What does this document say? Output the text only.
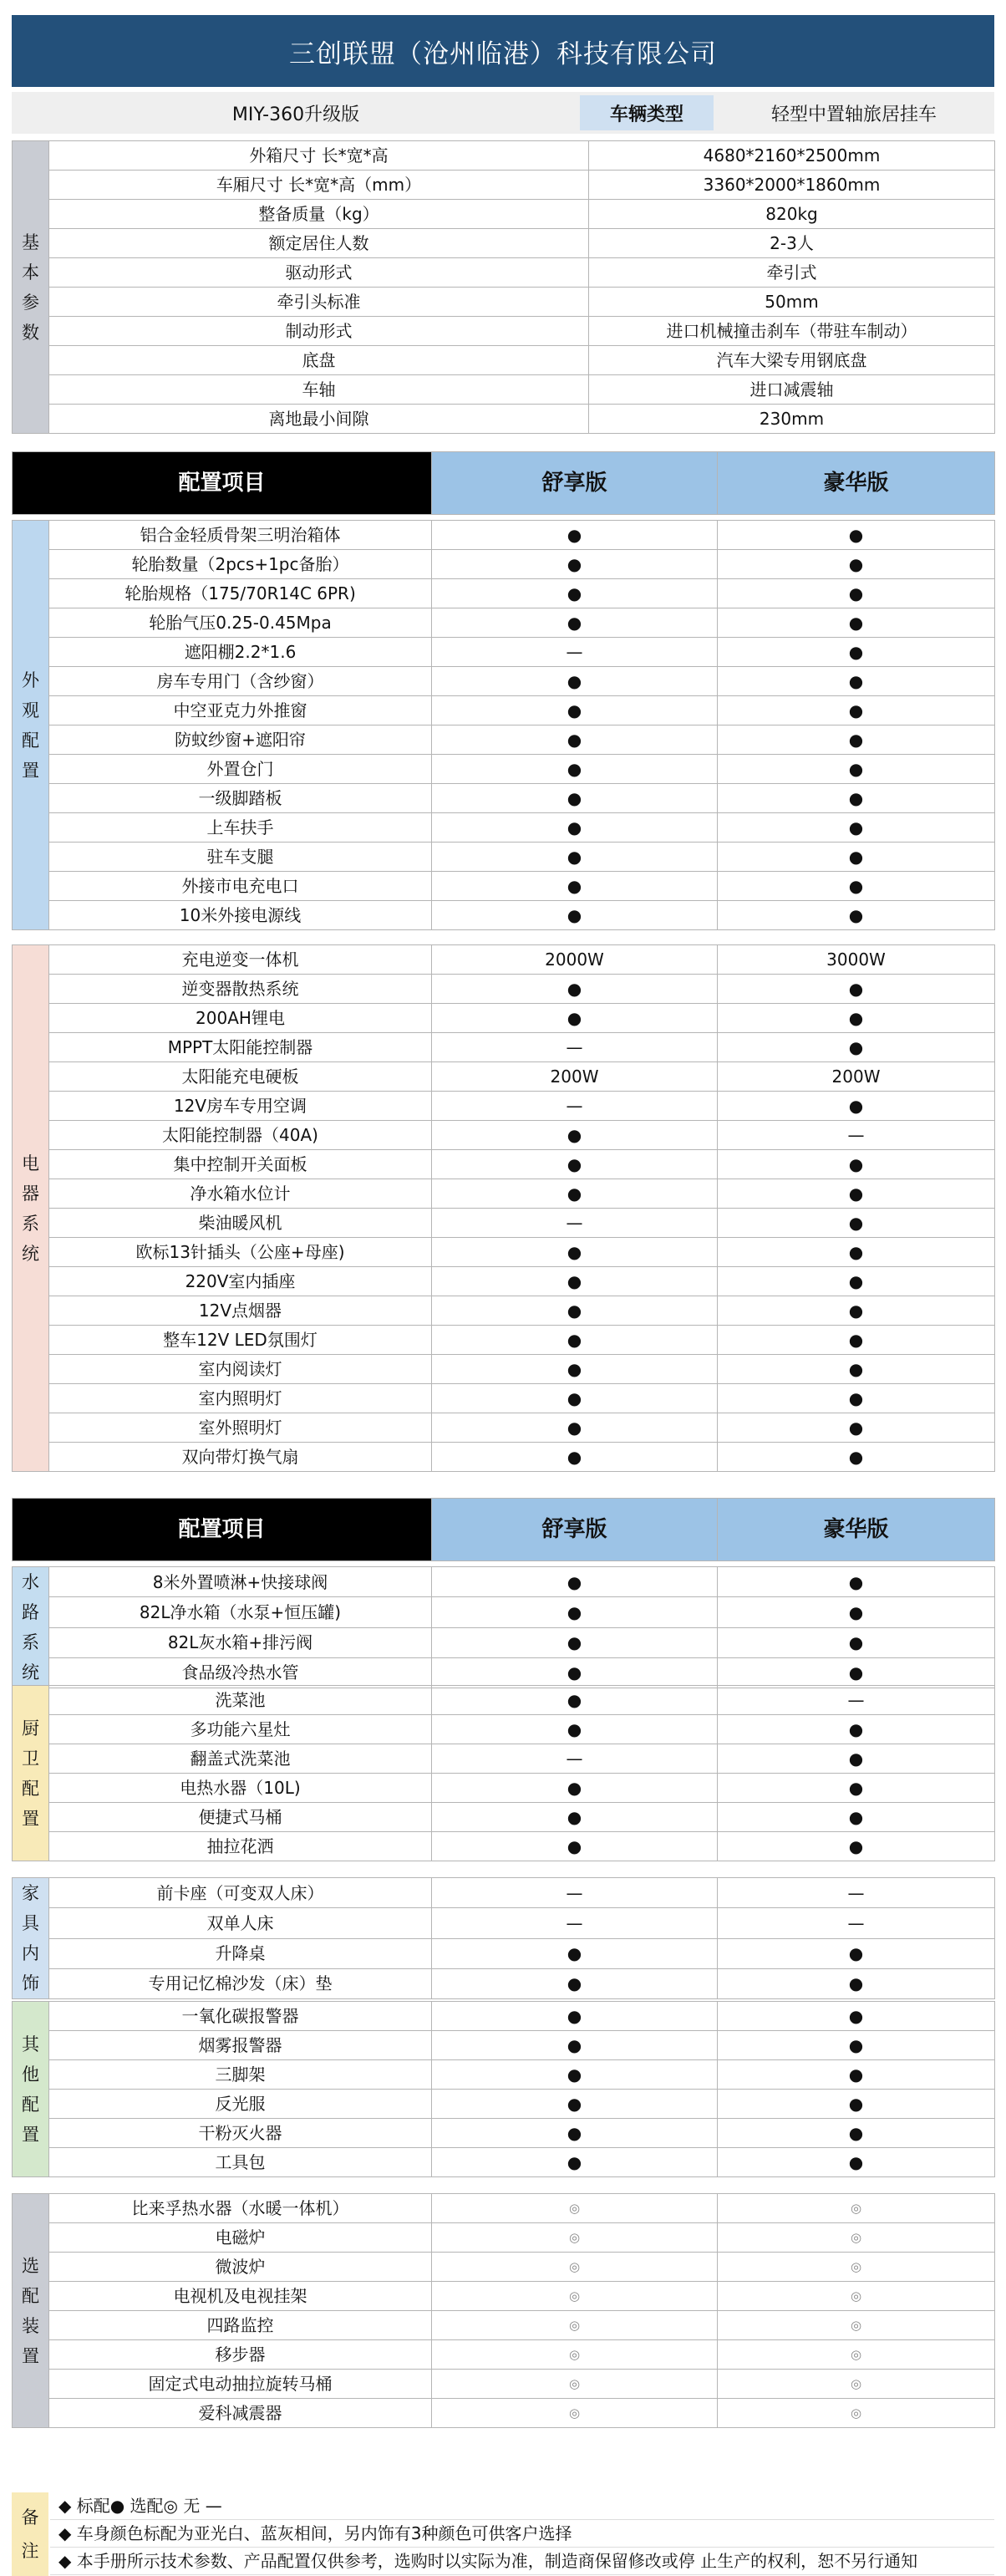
三创联盟（沧州临港）科技有限公司
MIY-360升级版	车辆类型	轻型中置轴旅居挂车
基
本
参
数	外箱尺寸 长*宽*高	4680*2160*2500mm
	车厢尺寸 长*宽*高（mm）	3360*2000*1860mm
	整备质量（kg）	820kg
	额定居住人数	2-3人
	驱动形式	牵引式
	牵引头标准	50mm
	制动形式	进口机械撞击刹车（带驻车制动）
	底盘	汽车大梁专用钢底盘
	车轴	进口减震轴
	离地最小间隙	230mm
配置项目	舒享版	豪华版
外
观
配
置	铝合金轻质骨架三明治箱体	●	●
	轮胎数量（2pcs+1pc备胎）	●	●
	轮胎规格（175/70R14C 6PR)	●	●
	轮胎气压0.25-0.45Mpa	●	●
	遮阳棚2.2*1.6	—	●
	房车专用门（含纱窗）	●	●
	中空亚克力外推窗	●	●
	防蚊纱窗+遮阳帘	●	●
	外置仓门	●	●
	一级脚踏板	●	●
	上车扶手	●	●
	驻车支腿	●	●
	外接市电充电口	●	●
	10米外接电源线	●	●
电
器
系
统	充电逆变一体机	2000W	3000W
	逆变器散热系统	●	●
	200AH锂电	●	●
	MPPT太阳能控制器	—	●
	太阳能充电硬板	200W	200W
	12V房车专用空调	—	●
	太阳能控制器（40A)	●	—
	集中控制开关面板	●	●
	净水箱水位计	●	●
	柴油暖风机	—	●
	欧标13针插头（公座+母座)	●	●
	220V室内插座	●	●
	12V点烟器	●	●
	整车12V LED氛围灯	●	●
	室内阅读灯	●	●
	室内照明灯	●	●
	室外照明灯	●	●
	双向带灯换气扇	●	●
配置项目	舒享版	豪华版
水
路
系
统	8米外置喷淋+快接球阀	●	●
	82L净水箱（水泵+恒压罐)	●	●
	82L灰水箱+排污阀	●	●
	食品级冷热水管	●	●
厨
卫
配
置	洗菜池	●	—
	多功能六星灶	●	●
	翻盖式洗菜池	—	●
	电热水器（10L)	●	●
	便捷式马桶	●	●
	抽拉花洒	●	●
家
具
内
饰	前卡座（可变双人床）	—	—
	双单人床	—	—
	升降桌	●	●
	专用记忆棉沙发（床）垫	●	●
其
他
配
置	一氧化碳报警器	●	●
	烟雾报警器	●	●
	三脚架	●	●
	反光服	●	●
	干粉灭火器	●	●
	工具包	●	●
选
配
装
置	比来孚热水器（水暖一体机）	◎	◎
	电磁炉	◎	◎
	微波炉	◎	◎
	电视机及电视挂架	◎	◎
	四路监控	◎	◎
	移步器	◎	◎
	固定式电动抽拉旋转马桶	◎	◎
	爱科减震器	◎	◎
备
注
◆ 标配● 选配◎ 无 —
◆ 车身颜色标配为亚光白、蓝灰相间，另内饰有3种颜色可供客户选择
◆ 本手册所示技术参数、产品配置仅供参考，选购时以实际为准，制造商保留修改或停 止生产的权利，恕不另行通知
